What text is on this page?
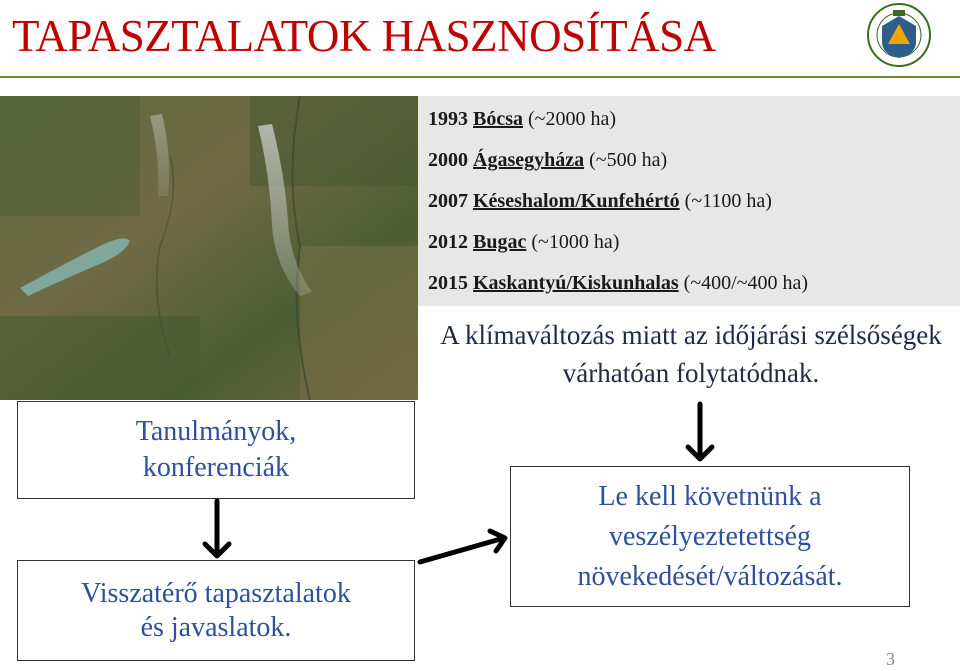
TAPASZTALATOK HASZNOSÍTÁSA
1993 Bócsa (~2000 ha)
2000 Ágasegyháza (~500 ha)
2007 Késeshalom/Kunfehértó (~1100 ha)
2012 Bugac (~1000 ha)
2015 Kaskantyú/Kiskunhalas (~400/~400 ha)
A klímaváltozás miatt az időjárási szélsőségek várhatóan folytatódnak.
Tanulmányok,
konferenciák
Visszatérő tapasztalatok
és javaslatok.
Le kell követnünk a
veszélyeztetettség
növekedését/változását.
3
